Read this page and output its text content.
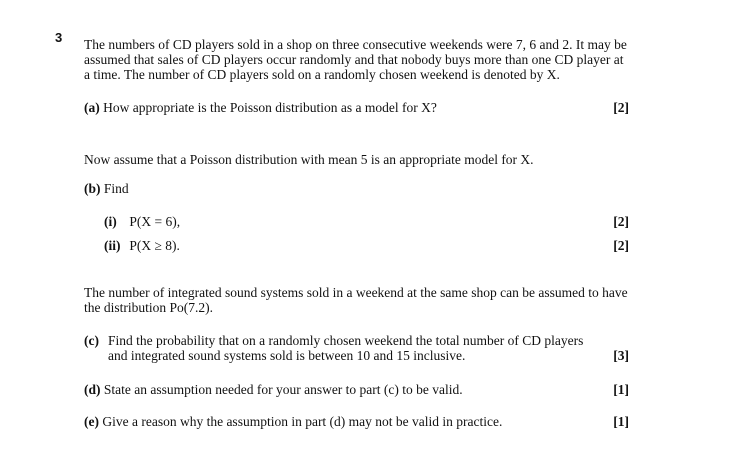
3 The numbers of CD players sold in a shop on three consecutive weekends were 7, 6 and 2. It may be assumed that sales of CD players occur randomly and that nobody buys more than one CD player at a time. The number of CD players sold on a randomly chosen weekend is denoted by X.
(a) How appropriate is the Poisson distribution as a model for X?	[2]
Now assume that a Poisson distribution with mean 5 is an appropriate model for X.
(b) Find
(i) P(X = 6),	[2]
(ii) P(X ≥ 8).	[2]
The number of integrated sound systems sold in a weekend at the same shop can be assumed to have the distribution Po(7.2).
(c) Find the probability that on a randomly chosen weekend the total number of CD players and integrated sound systems sold is between 10 and 15 inclusive.	[3]
(d) State an assumption needed for your answer to part (c) to be valid.	[1]
(e) Give a reason why the assumption in part (d) may not be valid in practice.	[1]
